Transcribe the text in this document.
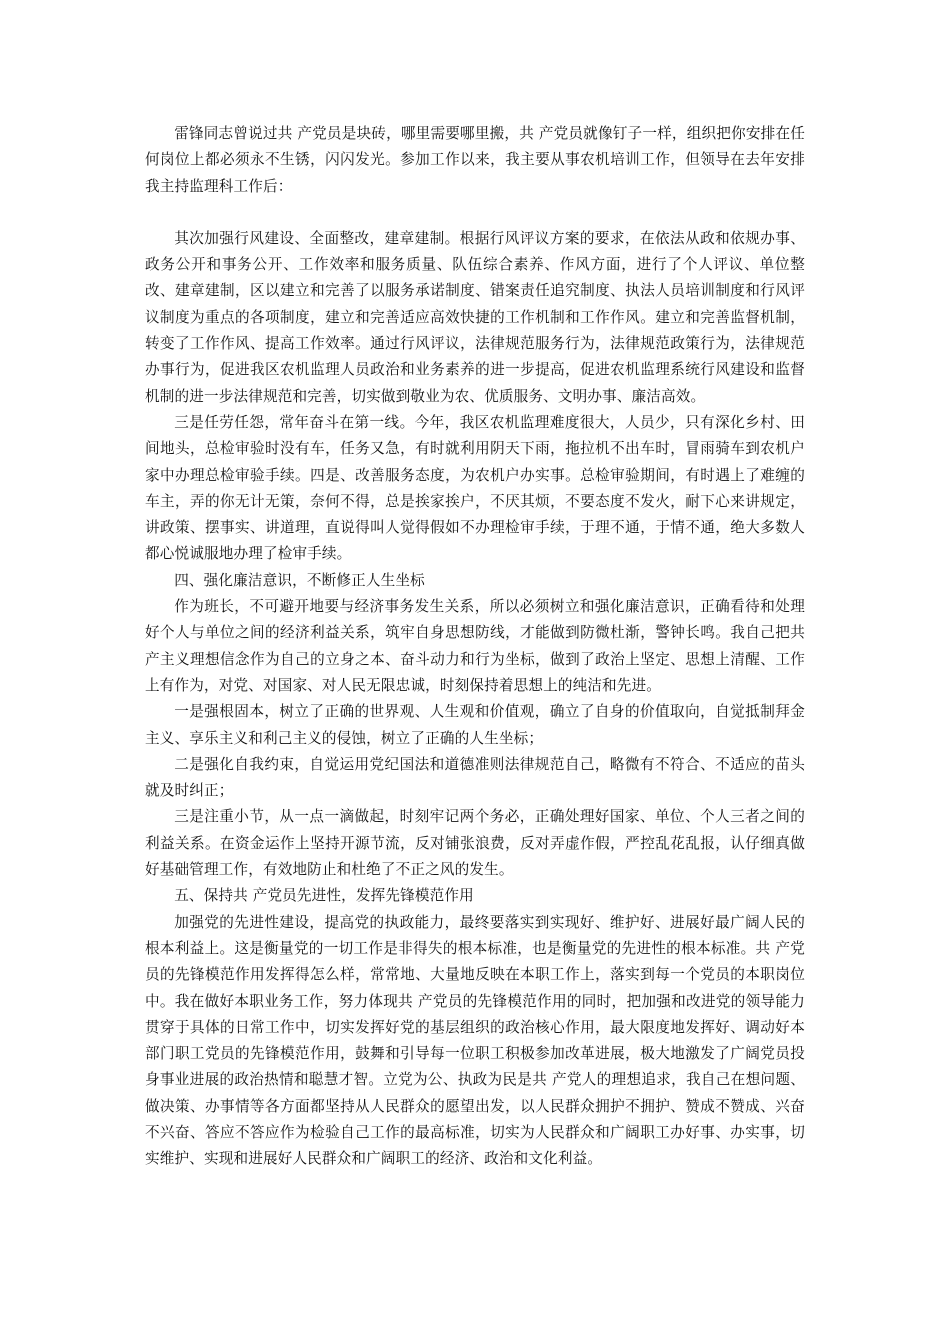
雷锋同志曾说过共 产党员是块砖，哪里需要哪里搬，共 产党员就像钉子一样，组织把你安排在任何岗位上都必须永不生锈，闪闪发光。参加工作以来，我主要从事农机培训工作，但领导在去年安排我主持监理科工作后：

其次加强行风建设、全面整改，建章建制。根据行风评议方案的要求，在依法从政和依规办事、政务公开和事务公开、工作效率和服务质量、队伍综合素养、作风方面，进行了个人评议、单位整改、建章建制，区以建立和完善了以服务承诺制度、错案责任追究制度、执法人员培训制度和行风评议制度为重点的各项制度，建立和完善适应高效快捷的工作机制和工作作风。建立和完善监督机制，转变了工作作风、提高工作效率。通过行风评议，法律规范服务行为，法律规范政策行为，法律规范办事行为，促进我区农机监理人员政治和业务素养的进一步提高，促进农机监理系统行风建设和监督机制的进一步法律规范和完善，切实做到敬业为农、优质服务、文明办事、廉洁高效。

三是任劳任怨，常年奋斗在第一线。今年，我区农机监理难度很大，人员少，只有深化乡村、田间地头，总检审验时没有车，任务又急，有时就利用阴天下雨，拖拉机不出车时，冒雨骑车到农机户家中办理总检审验手续。四是、改善服务态度，为农机户办实事。总检审验期间，有时遇上了难缠的车主，弄的你无计无策，奈何不得，总是挨家挨户，不厌其烦，不要态度不发火，耐下心来讲规定，讲政策、摆事实、讲道理，直说得叫人觉得假如不办理检审手续，于理不通，于情不通，绝大多数人都心悦诚服地办理了检审手续。

四、强化廉洁意识，不断修正人生坐标

作为班长，不可避开地要与经济事务发生关系，所以必须树立和强化廉洁意识，正确看待和处理好个人与单位之间的经济利益关系，筑牢自身思想防线，才能做到防微杜渐，警钟长鸣。我自己把共产主义理想信念作为自己的立身之本、奋斗动力和行为坐标，做到了政治上坚定、思想上清醒、工作上有作为，对党、对国家、对人民无限忠诚，时刻保持着思想上的纯洁和先进。

一是强根固本，树立了正确的世界观、人生观和价值观，确立了自身的价值取向，自觉抵制拜金主义、享乐主义和利己主义的侵蚀，树立了正确的人生坐标；

二是强化自我约束，自觉运用党纪国法和道德准则法律规范自己，略微有不符合、不适应的苗头就及时纠正；

三是注重小节，从一点一滴做起，时刻牢记两个务必，正确处理好国家、单位、个人三者之间的利益关系。在资金运作上坚持开源节流，反对铺张浪费，反对弄虚作假，严控乱花乱报，认仔细真做好基础管理工作，有效地防止和杜绝了不正之风的发生。

五、保持共 产党员先进性，发挥先锋模范作用

加强党的先进性建设，提高党的执政能力，最终要落实到实现好、维护好、进展好最广阔人民的根本利益上。这是衡量党的一切工作是非得失的根本标准，也是衡量党的先进性的根本标准。共 产党员的先锋模范作用发挥得怎么样，常常地、大量地反映在本职工作上，落实到每一个党员的本职岗位中。我在做好本职业务工作，努力体现共 产党员的先锋模范作用的同时，把加强和改进党的领导能力贯穿于具体的日常工作中，切实发挥好党的基层组织的政治核心作用，最大限度地发挥好、调动好本部门职工党员的先锋模范作用，鼓舞和引导每一位职工积极参加改革进展，极大地激发了广阔党员投身事业进展的政治热情和聪慧才智。立党为公、执政为民是共 产党人的理想追求，我自己在想问题、做决策、办事情等各方面都坚持从人民群众的愿望出发，以人民群众拥护不拥护、赞成不赞成、兴奋不兴奋、答应不答应作为检验自己工作的最高标准，切实为人民群众和广阔职工办好事、办实事，切实维护、实现和进展好人民群众和广阔职工的经济、政治和文化利益。
